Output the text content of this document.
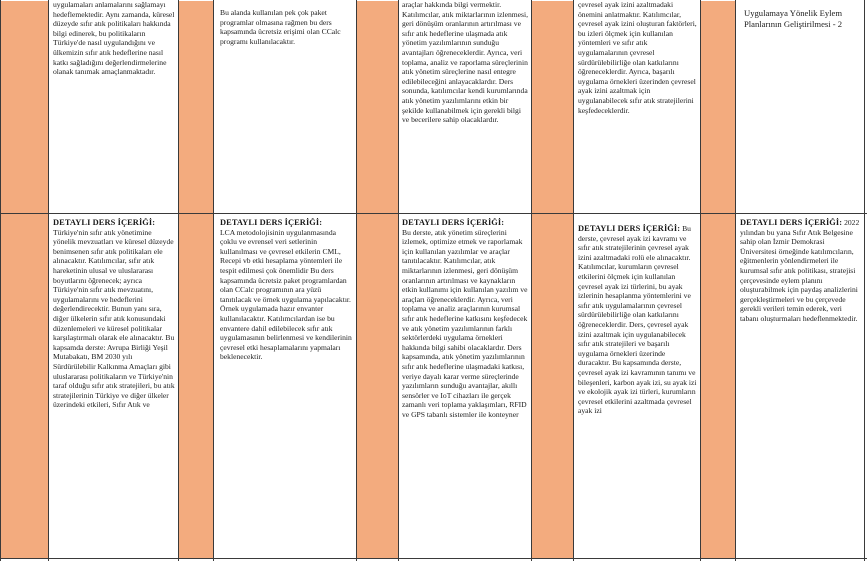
uygulamaları anlamalarını sağlamayı hedeflemektedir. Aynı zamanda, küresel düzeyde sıfır atık politikaları hakkında bilgi edinerek, bu politikaların Türkiye'de nasıl uygulandığını ve ülkemizin sıfır atık hedeflerine nasıl katkı sağladığını değerlendirmelerine olanak tanımak amaçlanmaktadır.

Bu alanda kullanılan pek çok paket programlar olmasına rağmen bu ders kapsamında ücretsiz erişimi olan CCalc programı kullanılacaktır.

araçlar hakkında bilgi vermektir. Katılımcılar, atık miktarlarının izlenmesi, geri dönüşüm oranlarının artırılması ve sıfır atık hedeflerine ulaşmada atık yönetim yazılımlarının sunduğu avantajları öğreneceklerdir. Ayrıca, veri toplama, analiz ve raporlama süreçlerinin atık yönetim süreçlerine nasıl entegre edilebileceğini anlayacaklardır. Ders sonunda, katılımcılar kendi kurumlarında atık yönetim yazılımlarını etkin bir şekilde kullanabilmek için gerekli bilgi ve becerilere sahip olacaklardır.

çevresel ayak izini azaltmadaki önemini anlatmaktır. Katılımcılar, çevresel ayak izini oluşturan faktörleri, bu izleri ölçmek için kullanılan yöntemleri ve sıfır atık uygulamalarının çevresel sürdürülebilirliğe olan katkılarını öğreneceklerdir. Ayrıca, başarılı uygulama örnekleri üzerinden çevresel ayak izini azaltmak için uygulanabilecek sıfır atık stratejilerini keşfedeceklerdir.

Uygulamaya Yönelik Eylem Planlarının Geliştirilmesi - 2

DETAYLI DERS İÇERİĞİ: Türkiye'nin sıfır atık yönetimine yönelik mevzuatları ve küresel düzeyde benimsenen sıfır atık politikaları ele alınacaktır. Katılımcılar, sıfır atık hareketinin ulusal ve uluslararası boyutlarını öğrenecek; ayrıca Türkiye'nin sıfır atık mevzuatını, uygulamalarını ve hedeflerini değerlendirecektir. Bunun yanı sıra, diğer ülkelerin sıfır atık konusundaki düzenlemeleri ve küresel politikalar karşılaştırmalı olarak ele alınacaktır. Bu kapsamda derste: Avrupa Birliği Yeşil Mutabakatı, BM 2030 yılı Sürdürülebilir Kalkınma Amaçları gibi uluslararası politikaların ve Türkiye'nin taraf olduğu sıfır atık stratejileri, bu atık stratejilerinin Türkiye ve diğer ülkeler üzerindeki etkileri, Sıfır Atık ve

DETAYLI DERS İÇERİĞİ:

LCA metodolojisinin uygulanmasında çoklu ve evrensel veri setlerinin kullanılması ve çevresel etkilerin CML, Recepi vb etki hesaplama yöntemleri ile tespit edilmesi çok önemlidir Bu ders kapsamında ücretsiz paket programlardan olan CCalc programının ara yüzü tanıtılacak ve örnek uygulama yapılacaktır. Örnek uygulamada hazır envanter kullanılacaktır. Katılımcılardan ise bu envantere dahil edilebilecek sıfır atık uygulamasının belirlenmesi ve kendilerinin çevresel etki hesaplamalarını yapmaları beklenecektir.

DETAYLI DERS İÇERİĞİ:

Bu derste, atık yönetim süreçlerini izlemek, optimize etmek ve raporlamak için kullanılan yazılımlar ve araçlar tanıtılacaktır. Katılımcılar, atık miktarlarının izlenmesi, geri dönüşüm oranlarının artırılması ve kaynakların etkin kullanımı için kullanılan yazılım ve araçları öğreneceklerdir. Ayrıca, veri toplama ve analiz araçlarının kurumsal sıfır atık hedeflerine katkısını keşfedecek ve atık yönetim yazılımlarının farklı sektörlerdeki uygulama örnekleri hakkında bilgi sahibi olacaklardır. Ders kapsamında, atık yönetim yazılımlarının sıfır atık hedeflerine ulaşmadaki katkısı, veriye dayalı karar verme süreçlerinde yazılımların sunduğu avantajlar, akıllı sensörler ve IoT cihazları ile gerçek zamanlı veri toplama yaklaşımları, RFID ve GPS tabanlı sistemler ile konteyner

DETAYLI DERS İÇERİĞİ: Bu derste, çevresel ayak izi kavramı ve sıfır atık stratejilerinin çevresel ayak izini azaltmadaki rolü ele alınacaktır. Katılımcılar, kurumların çevresel etkilerini ölçmek için kullanılan çevresel ayak izi türlerini, bu ayak izlerinin hesaplanma yöntemlerini ve sıfır atık uygulamalarının çevresel sürdürülebilirliğe olan katkılarını öğreneceklerdir. Ders, çevresel ayak izini azaltmak için uygulanabilecek sıfır atık stratejileri ve başarılı uygulama örnekleri üzerinde duracaktır. Bu kapsamında derste, çevresel ayak izi kavramının tanımı ve bileşenleri, karbon ayak izi, su ayak izi ve ekolojik ayak izi türleri, kurumların çevresel etkilerini azaltmada çevresel ayak izi

DETAYLI DERS İÇERİĞİ: 2022 yılından bu yana Sıfır Atık Belgesine sahip olan İzmir Demokrasi Üniversitesi örneğinde katılımcıların, eğitmenlerin yönlendirmeleri ile kurumsal sıfır atık politikası, stratejisi çerçevesinde eylem planını oluşturabilmek için paydaş analizlerini gerçekleştirmeleri ve bu çerçevede gerekli verileri temin ederek, veri tabanı oluşturmaları hedeflenmektedir.
